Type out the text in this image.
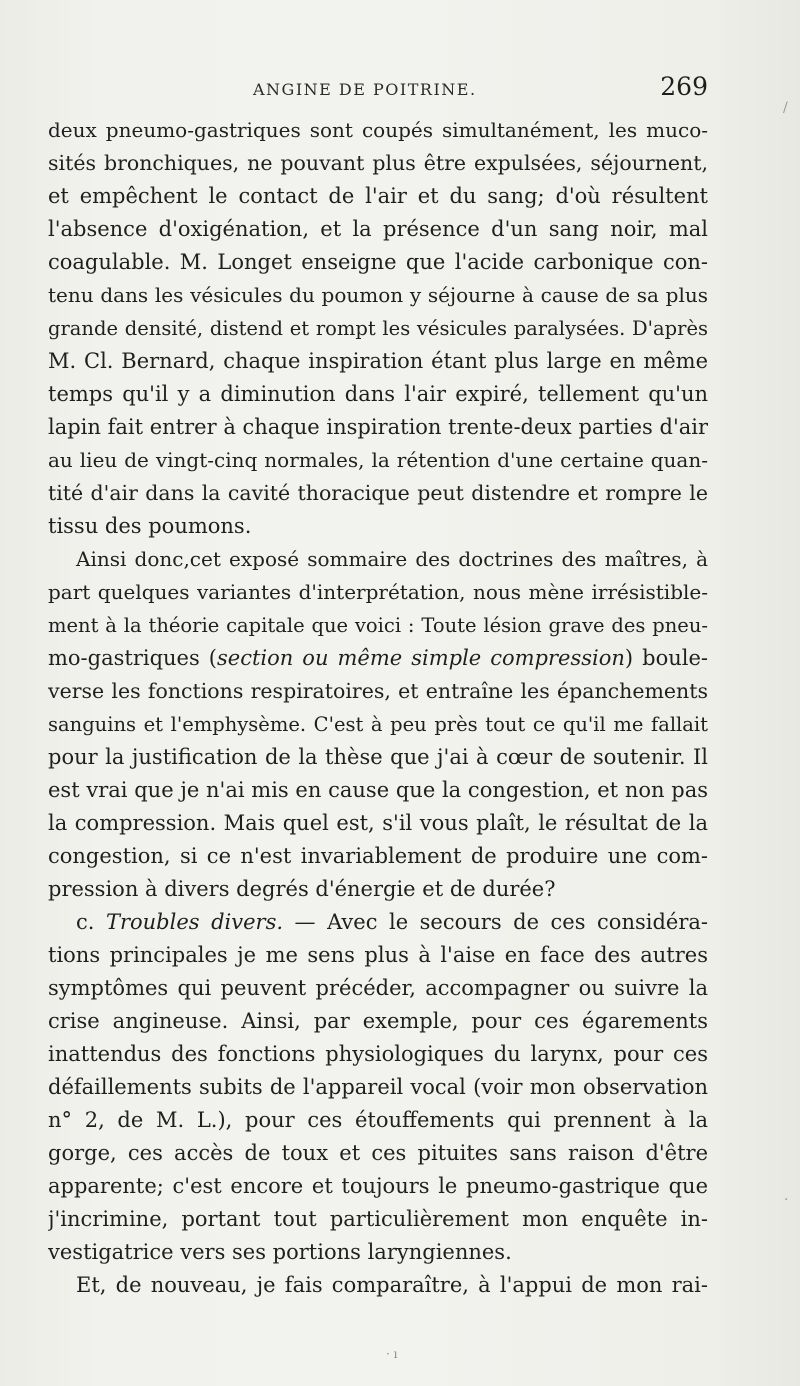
ANGINE DE POITRINE.	269
deux pneumo-gastriques sont coupés simultanément, les muco-
sités bronchiques, ne pouvant plus être expulsées, séjournent,
et empêchent le contact de l'air et du sang; d'où résultent
l'absence d'oxigénation, et la présence d'un sang noir, mal
coagulable. M. Longet enseigne que l'acide carbonique con-
tenu dans les vésicules du poumon y séjourne à cause de sa plus
grande densité, distend et rompt les vésicules paralysées. D'après
M. Cl. Bernard, chaque inspiration étant plus large en même
temps qu'il y a diminution dans l'air expiré, tellement qu'un
lapin fait entrer à chaque inspiration trente-deux parties d'air
au lieu de vingt-cinq normales, la rétention d'une certaine quan-
tité d'air dans la cavité thoracique peut distendre et rompre le
tissu des poumons.
Ainsi donc,cet exposé sommaire des doctrines des maîtres, à
part quelques variantes d'interprétation, nous mène irrésistible-
ment à la théorie capitale que voici : Toute lésion grave des pneu-
mo-gastriques (section ou même simple compression) boule-
verse les fonctions respiratoires, et entraîne les épanchements
sanguins et l'emphysème. C'est à peu près tout ce qu'il me fallait
pour la justification de la thèse que j'ai à cœur de soutenir. Il
est vrai que je n'ai mis en cause que la congestion, et non pas
la compression. Mais quel est, s'il vous plaît, le résultat de la
congestion, si ce n'est invariablement de produire une com-
pression à divers degrés d'énergie et de durée?
c. Troubles divers. — Avec le secours de ces considéra-
tions principales je me sens plus à l'aise en face des autres
symptômes qui peuvent précéder, accompagner ou suivre la
crise angineuse. Ainsi, par exemple, pour ces égarements
inattendus des fonctions physiologiques du larynx, pour ces
défaillements subits de l'appareil vocal (voir mon observation
n° 2, de M. L.), pour ces étouffements qui prennent à la
gorge, ces accès de toux et ces pituites sans raison d'être
apparente; c'est encore et toujours le pneumo-gastrique que
j'incrimine, portant tout particulièrement mon enquête in-
vestigatrice vers ses portions laryngiennes.
Et, de nouveau, je fais comparaître, à l'appui de mon rai-
/
·
· ı
